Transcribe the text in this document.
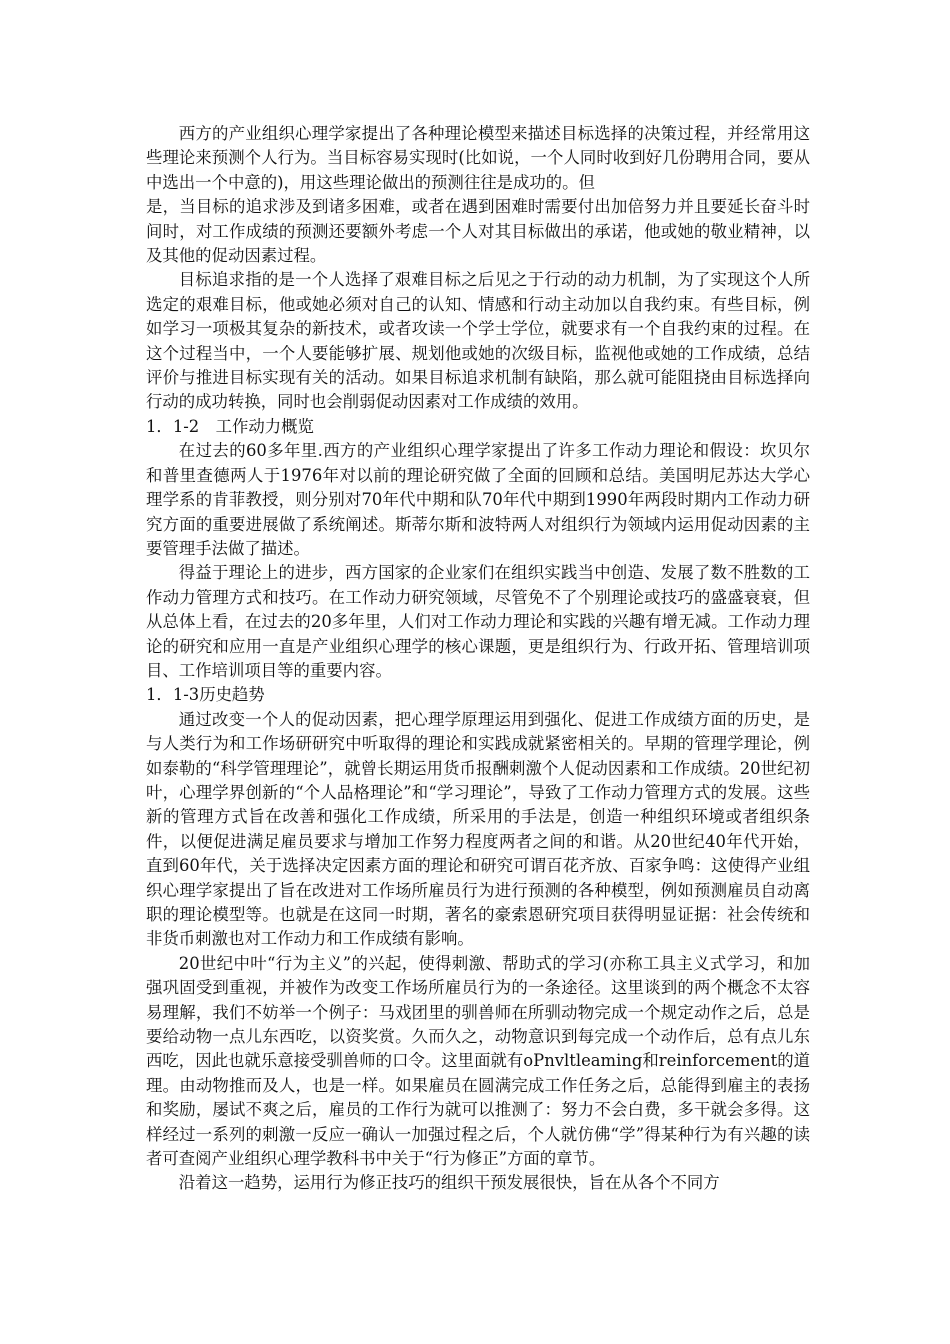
西方的产业组织心理学家提出了各种理论模型来描述目标选择的决策过程，并经常用这些理论来预测个人行为。当目标容易实现时(比如说，一个人同时收到好几份聘用合同，要从中选出一个中意的)，用这些理论做出的预测往往是成功的。但

是，当目标的追求涉及到诸多困难，或者在遇到困难时需要付出加倍努力并且要延长奋斗时间时，对工作成绩的预测还要额外考虑一个人对其目标做出的承诺，他或她的敬业精神，以及其他的促动因素过程。

目标追求指的是一个人选择了艰难目标之后见之于行动的动力机制，为了实现这个人所选定的艰难目标，他或她必须对自己的认知、情感和行动主动加以自我约束。有些目标，例如学习一项极其复杂的新技术，或者攻读一个学士学位，就要求有一个自我约束的过程。在这个过程当中，一个人要能够扩展、规划他或她的次级目标，监视他或她的工作成绩，总结评价与推进目标实现有关的活动。如果目标追求机制有缺陷，那么就可能阻挠由目标选择向行动的成功转换，同时也会削弱促动因素对工作成绩的效用。

1．1-2　工作动力概览

在过去的60多年里.西方的产业组织心理学家提出了许多工作动力理论和假设：坎贝尔和普里查德两人于1976年对以前的理论研究做了全面的回顾和总结。美国明尼苏达大学心理学系的肯菲教授，则分别对70年代中期和队70年代中期到1990年两段时期内工作动力研究方面的重要进展做了系统阐述。斯蒂尔斯和波特两人对组织行为领域内运用促动因素的主要管理手法做了描述。

得益于理论上的进步，西方国家的企业家们在组织实践当中创造、发展了数不胜数的工作动力管理方式和技巧。在工作动力研究领域，尽管免不了个别理论或技巧的盛盛衰衰，但从总体上看，在过去的20多年里，人们对工作动力理论和实践的兴趣有增无减。工作动力理论的研究和应用一直是产业组织心理学的核心课题，更是组织行为、行政开拓、管理培训项目、工作培训项目等的重要内容。

1．1-3历史趋势

通过改变一个人的促动因素，把心理学原理运用到强化、促进工作成绩方面的历史，是与人类行为和工作场研研究中听取得的理论和实践成就紧密相关的。早期的管理学理论，例如泰勒的“科学管理理论”，就曾长期运用货币报酬刺激个人促动因素和工作成绩。20世纪初叶，心理学界创新的“个人品格理论”和“学习理论”，导致了工作动力管理方式的发展。这些新的管理方式旨在改善和强化工作成绩，所采用的手法是，创造一种组织环境或者组织条件，以便促进满足雇员要求与增加工作努力程度两者之间的和谐。从20世纪40年代开始，直到60年代，关于选择决定因素方面的理论和研究可谓百花齐放、百家争鸣：这使得产业组织心理学家提出了旨在改进对工作场所雇员行为进行预测的各种模型，例如预测雇员自动离职的理论模型等。也就是在这同一时期，著名的豪索恩研究项目获得明显证据：社会传统和非货币刺激也对工作动力和工作成绩有影响。

20世纪中叶“行为主义”的兴起，使得刺激、帮助式的学习(亦称工具主义式学习，和加强巩固受到重视，并被作为改变工作场所雇员行为的一条途径。这里谈到的两个概念不太容易理解，我们不妨举一个例子：马戏团里的驯兽师在所驯动物完成一个规定动作之后，总是要给动物一点儿东西吃，以资奖赏。久而久之，动物意识到每完成一个动作后，总有点儿东西吃，因此也就乐意接受驯兽师的口令。这里面就有oPnvltleaming和reinforcement的道理。由动物推而及人，也是一样。如果雇员在圆满完成工作任务之后，总能得到雇主的表扬和奖励，屡试不爽之后，雇员的工作行为就可以推测了：努力不会白费，多干就会多得。这样经过一系列的刺激一反应一确认一加强过程之后，个人就仿佛“学”得某种行为有兴趣的读者可查阅产业组织心理学教科书中关于“行为修正”方面的章节。

沿着这一趋势，运用行为修正技巧的组织干预发展很快，旨在从各个不同方
